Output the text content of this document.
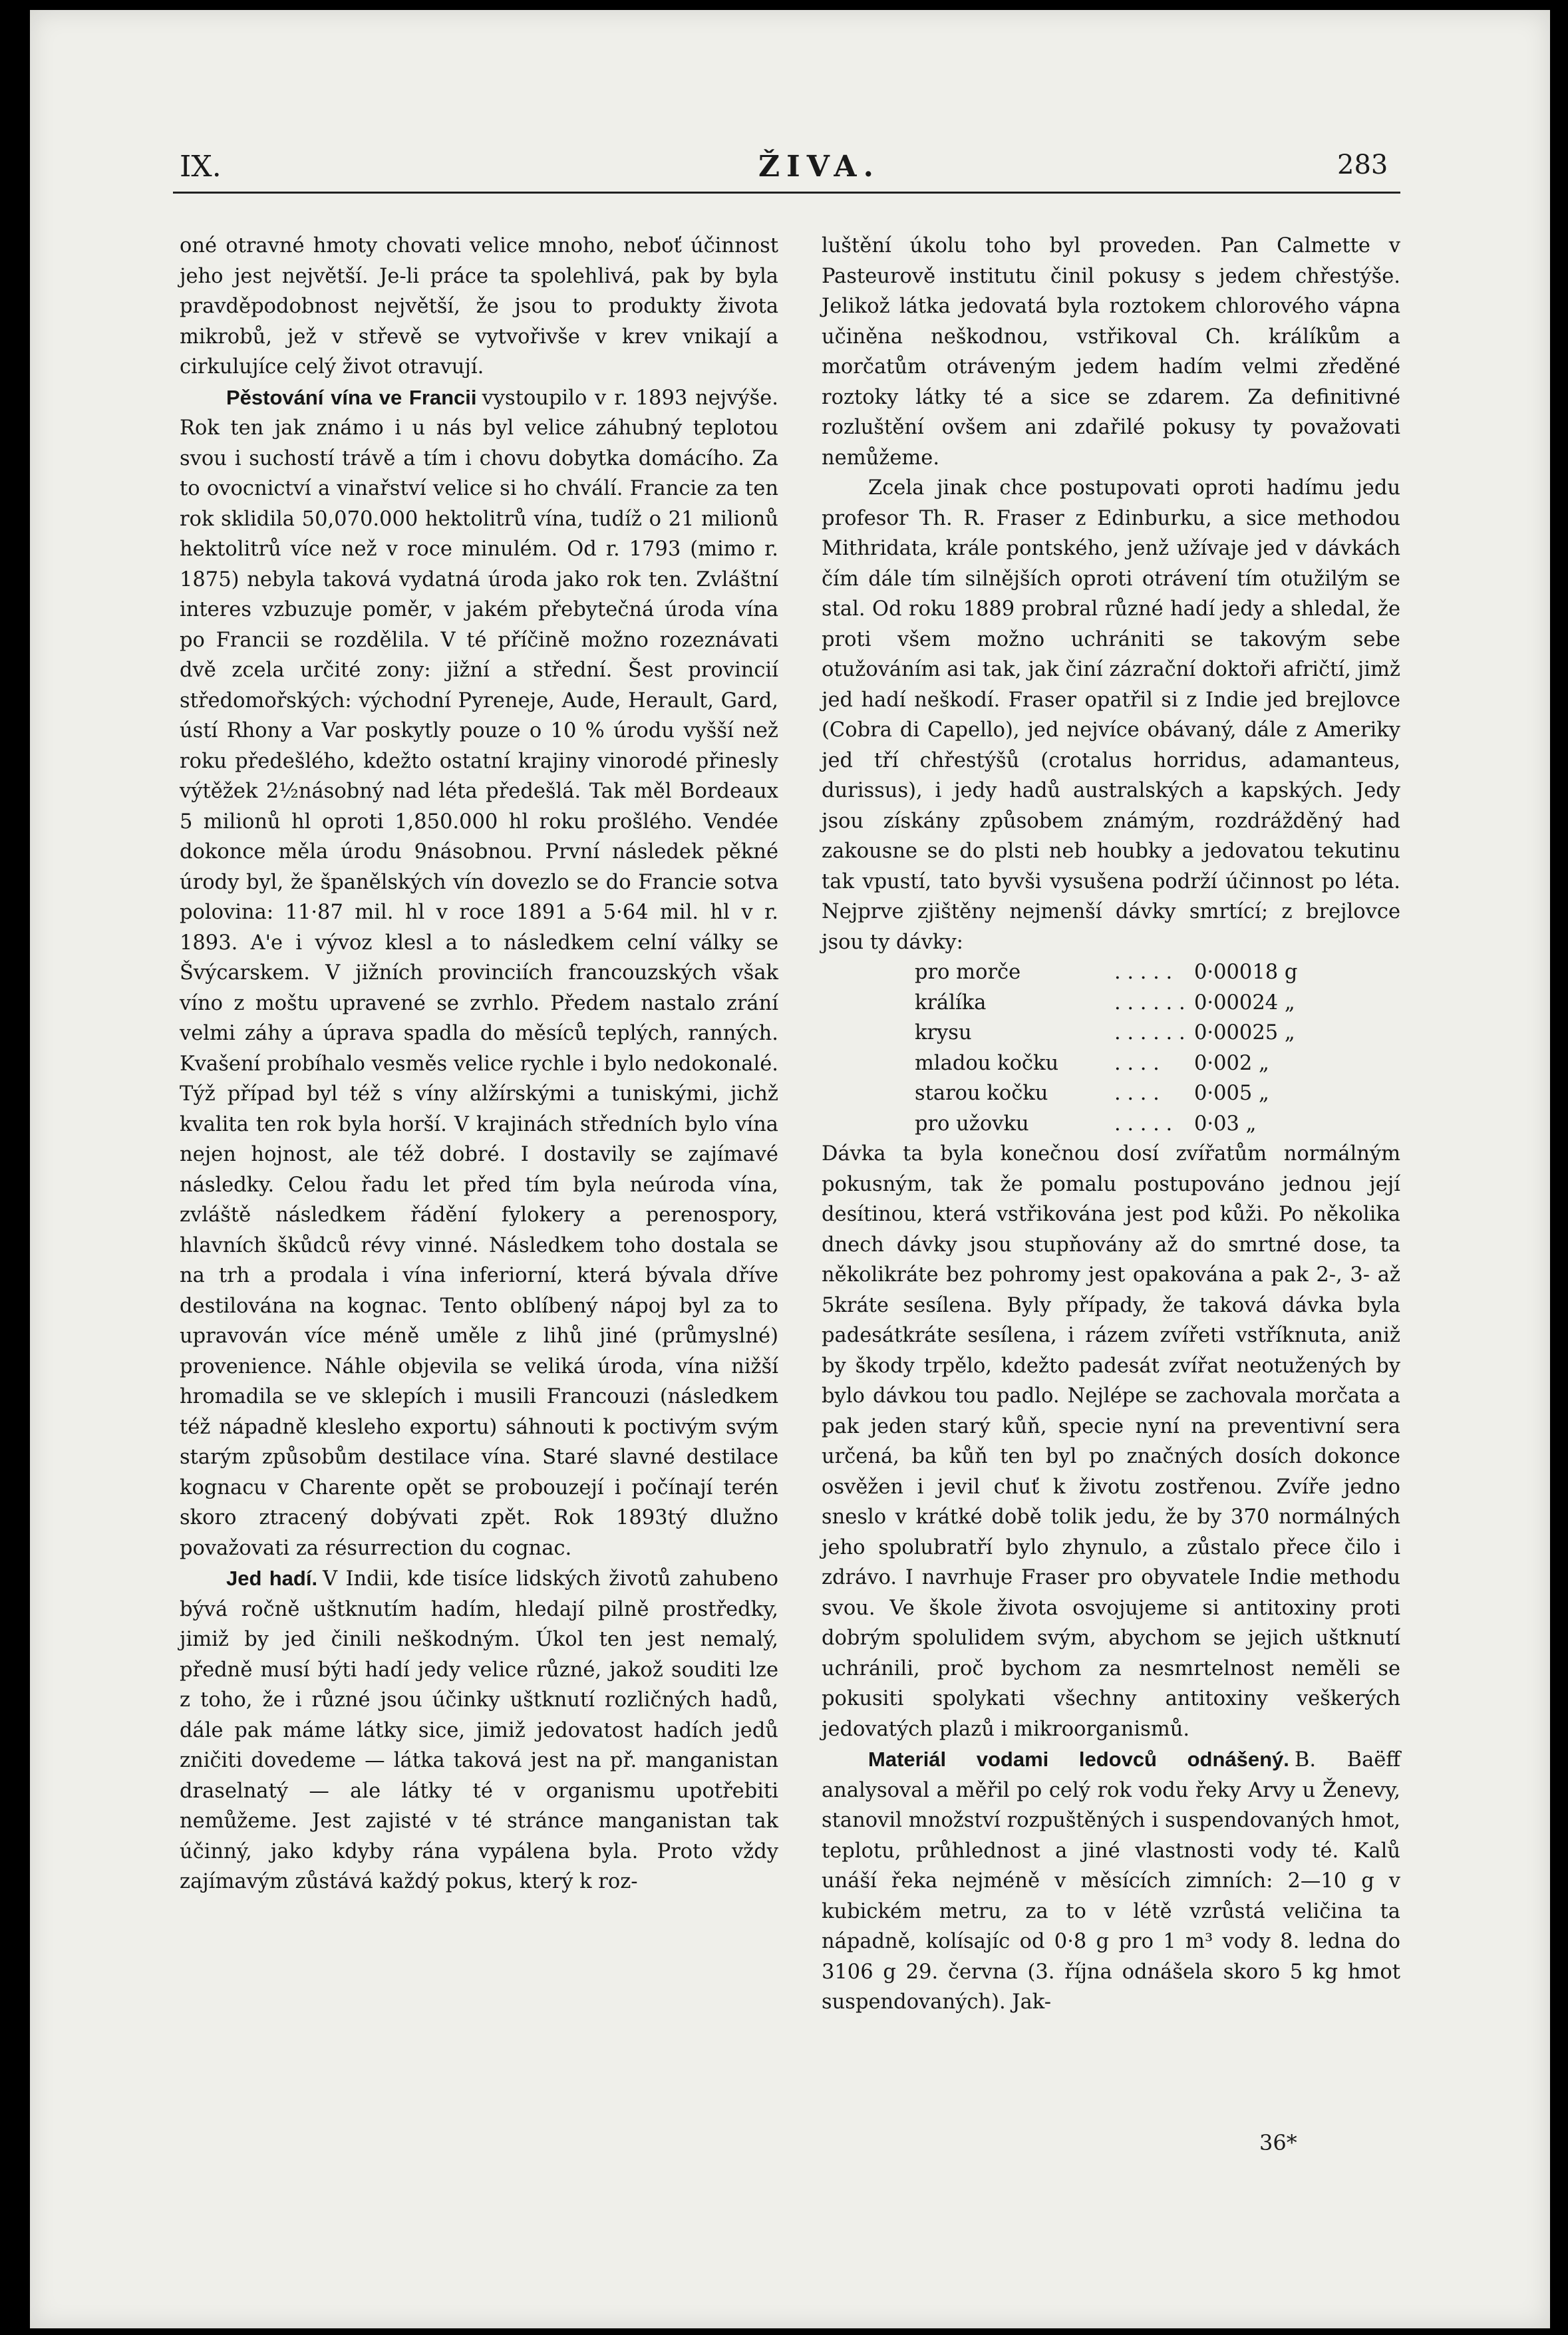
IX.	ŽIVA.	283

oné otravné hmoty chovati velice mnoho, neboť účinnost jeho jest největší. Je-li práce ta spolehlivá, pak by byla pravděpodobnost největší, že jsou to produkty života mikrobů, jež v střevě se vytvořivše v krev vnikají a cirkulujíce celý život otravují.

Pěstování vína ve Francii vystoupilo v r. 1893 nejvýše. Rok ten jak známo i u nás byl velice záhubný teplotou svou i suchostí trávě a tím i chovu dobytka domácího. Za to ovocnictví a vinařství velice si ho chválí. Francie za ten rok sklidila 50,070.000 hektolitrů vína, tudíž o 21 milionů hektolitrů více než v roce minulém. Od r. 1793 (mimo r. 1875) nebyla taková vydatná úroda jako rok ten. Zvláštní interes vzbuzuje poměr, v jakém přebytečná úroda vína po Francii se rozdělila. V té příčině možno rozeznávati dvě zcela určité zony: jižní a střední. Šest provincií středomořských: východní Pyreneje, Aude, Herault, Gard, ústí Rhony a Var poskytly pouze o 10 % úrodu vyšší než roku předešlého, kdežto ostatní krajiny vinorodé přinesly výtěžek 2½násobný nad léta předešlá. Tak měl Bordeaux 5 milionů hl oproti 1,850.000 hl roku prošlého. Vendée dokonce měla úrodu 9násobnou. První následek pěkné úrody byl, že španělských vín dovezlo se do Francie sotva polovina: 11·87 mil. hl v roce 1891 a 5·64 mil. hl v r. 1893. A'e i vývoz klesl a to následkem celní války se Švýcarskem. V jižních provinciích francouzských však víno z moštu upravené se zvrhlo. Předem nastalo zrání velmi záhy a úprava spadla do měsíců teplých, ranných. Kvašení probíhalo vesměs velice rychle i bylo nedokonalé. Týž případ byl též s víny alžírskými a tuniskými, jichž kvalita ten rok byla horší. V krajinách středních bylo vína nejen hojnost, ale též dobré. I dostavily se zajímavé následky. Celou řadu let před tím byla neúroda vína, zvláště následkem řádění fylokery a perenospory, hlavních škůdců révy vinné. Následkem toho dostala se na trh a prodala i vína inferiorní, která bývala dříve destilována na kognac. Tento oblíbený nápoj byl za to upravován více méně uměle z lihů jiné (průmyslné) provenience. Náhle objevila se veliká úroda, vína nižší hromadila se ve sklepích i musili Francouzi (následkem též nápadně klesleho exportu) sáhnouti k poctivým svým starým způsobům destilace vína. Staré slavné destilace kognacu v Charente opět se probouzejí i počínají terén skoro ztracený dobývati zpět. Rok 1893tý dlužno považovati za résurrection du cognac.

Jed hadí. V Indii, kde tisíce lidských životů zahubeno bývá ročně uštknutím hadím, hledají pilně prostředky, jimiž by jed činili neškodným. Úkol ten jest nemalý, předně musí býti hadí jedy velice různé, jakož souditi lze z toho, že i různé jsou účinky uštknutí rozličných hadů, dále pak máme látky sice, jimiž jedovatost hadích jedů zničiti dovedeme — látka taková jest na př. manganistan draselnatý — ale látky té v organismu upotřebiti nemůžeme. Jest zajisté v té stránce manganistan tak účinný, jako kdyby rána vypálena byla. Proto vždy zajímavým zůstává každý pokus, který k roz-

luštění úkolu toho byl proveden. Pan Calmette v Pasteurově institutu činil pokusy s jedem chřestýše. Jelikož látka jedovatá byla roztokem chlorového vápna učiněna neškodnou, vstřikoval Ch. králíkům a morčatům otráveným jedem hadím velmi zředěné roztoky látky té a sice se zdarem. Za definitivné rozluštění ovšem ani zdařilé pokusy ty považovati nemůžeme.

Zcela jinak chce postupovati oproti hadímu jedu profesor Th. R. Fraser z Edinburku, a sice methodou Mithridata, krále pontského, jenž užívaje jed v dávkách čím dále tím silnějších oproti otrávení tím otužilým se stal. Od roku 1889 probral různé hadí jedy a shledal, že proti všem možno uchrániti se takovým sebe otužováním asi tak, jak činí zázrační doktoři afričtí, jimž jed hadí neškodí. Fraser opatřil si z Indie jed brejlovce (Cobra di Capello), jed nejvíce obávaný, dále z Ameriky jed tří chřestýšů (crotalus horridus, adamanteus, durissus), i jedy hadů australských a kapských. Jedy jsou získány způsobem známým, rozdrážděný had zakousne se do plsti neb houbky a jedovatou tekutinu tak vpustí, tato byvši vysušena podrží účinnost po léta. Nejprve zjištěny nejmenší dávky smrtící; z brejlovce jsou ty dávky:

pro morče	. . . . .	0·00018 g
králíka	. . . . . .	0·00024 „
krysu	. . . . . .	0·00025 „
mladou kočku	. . . .	0·002 „
starou kočku	. . . .	0·005 „
pro užovku	. . . . .	0·03 „

Dávka ta byla konečnou dosí zvířatům normálným pokusným, tak že pomalu postupováno jednou její desítinou, která vstřikována jest pod kůži. Po několika dnech dávky jsou stupňovány až do smrtné dose, ta několikráte bez pohromy jest opakována a pak 2-, 3- až 5kráte sesílena. Byly případy, že taková dávka byla padesátkráte sesílena, i rázem zvířeti vstříknuta, aniž by škody trpělo, kdežto padesát zvířat neotužených by bylo dávkou tou padlo. Nejlépe se zachovala morčata a pak jeden starý kůň, specie nyní na preventivní sera určená, ba kůň ten byl po značných dosích dokonce osvěžen i jevil chuť k životu zostřenou. Zvíře jedno sneslo v krátké době tolik jedu, že by 370 normálných jeho spolubratří bylo zhynulo, a zůstalo přece čilo i zdrávo. I navrhuje Fraser pro obyvatele Indie methodu svou. Ve škole života osvojujeme si antitoxiny proti dobrým spolulidem svým, abychom se jejich uštknutí uchránili, proč bychom za nesmrtelnost neměli se pokusiti spolykati všechny antitoxiny veškerých jedovatých plazů i mikroorganismů.

Materiál vodami ledovců odnášený. B. Baëff analysoval a měřil po celý rok vodu řeky Arvy u Ženevy, stanovil množství rozpuštěných i suspendovaných hmot, teplotu, průhlednost a jiné vlastnosti vody té. Kalů unáší řeka nejméně v měsících zimních: 2—10 g v kubickém metru, za to v létě vzrůstá veličina ta nápadně, kolísajíc od 0·8 g pro 1 m³ vody 8. ledna do 3106 g 29. června (3. října odnášela skoro 5 kg hmot suspendovaných). Jak-

36*
